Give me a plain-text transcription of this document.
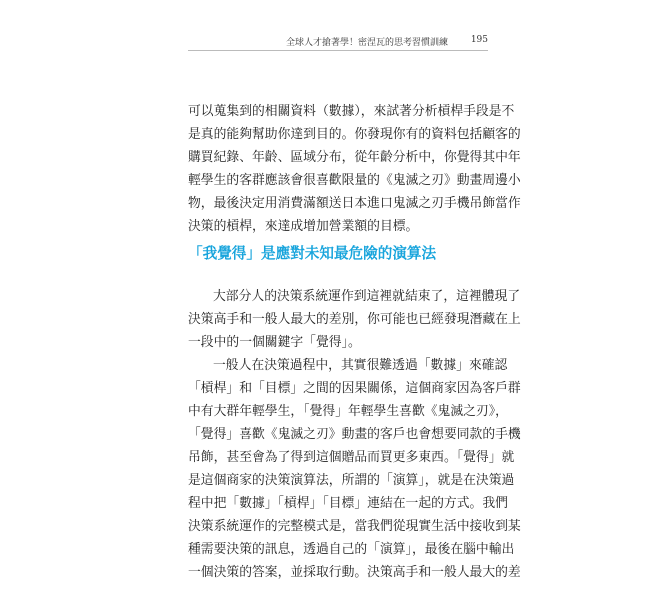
全球人才搶著學！密涅瓦的思考習慣訓練	195
可以蒐集到的相關資料（數據），來試著分析槓桿手段是不
是真的能夠幫助你達到目的。你發現你有的資料包括顧客的
購買紀錄、年齡、區域分布，從年齡分析中，你覺得其中年
輕學生的客群應該會很喜歡限量的《鬼滅之刃》動畫周邊小
物，最後決定用消費滿額送日本進口鬼滅之刃手機吊飾當作
決策的槓桿，來達成增加營業額的目標。
「我覺得」是應對未知最危險的演算法
大部分人的決策系統運作到這裡就結束了，這裡體現了
決策高手和一般人最大的差別，你可能也已經發現潛藏在上
一段中的一個關鍵字「覺得」。
一般人在決策過程中，其實很難透過「數據」來確認
「槓桿」和「目標」之間的因果關係，這個商家因為客戶群
中有大群年輕學生，「覺得」年輕學生喜歡《鬼滅之刃》，
「覺得」喜歡《鬼滅之刃》動畫的客戶也會想要同款的手機
吊飾，甚至會為了得到這個贈品而買更多東西。「覺得」就
是這個商家的決策演算法，所謂的「演算」，就是在決策過
程中把「數據」「槓桿」「目標」連結在一起的方式。我們
決策系統運作的完整模式是，當我們從現實生活中接收到某
種需要決策的訊息，透過自己的「演算」，最後在腦中輸出
一個決策的答案，並採取行動。決策高手和一般人最大的差
